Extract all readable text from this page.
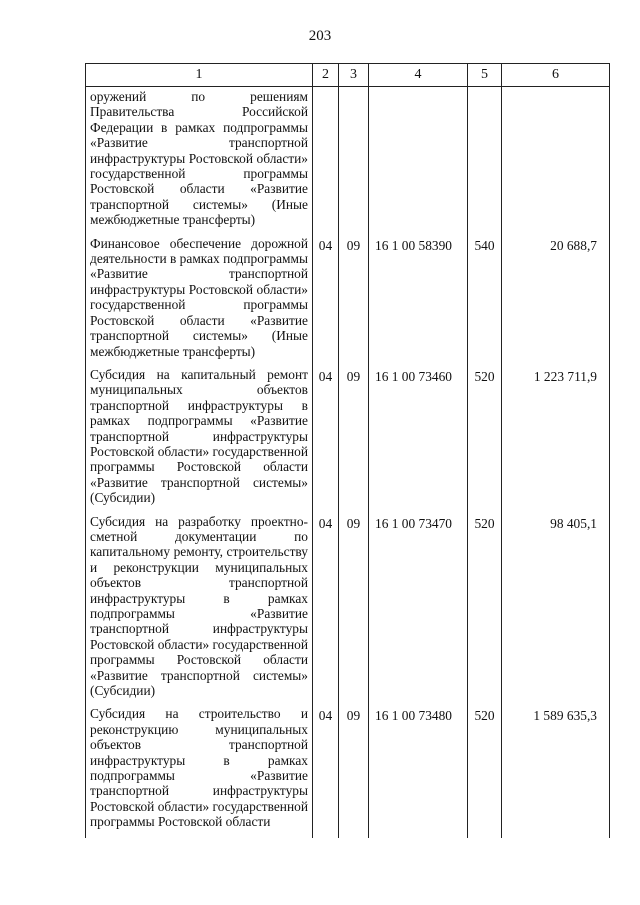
203
1	2	3	4	5	6
оружений по решениям Правительства Российской Федерации в рамках подпрограммы «Развитие транспортной инфраструктуры Ростовской области» государственной программы Ростовской области «Развитие транспортной системы» (Иные межбюджетные трансферты)					
Финансовое обеспечение дорожной деятельности в рамках подпрограммы «Развитие транспортной инфраструктуры Ростовской области» государственной программы Ростовской области «Развитие транспортной системы» (Иные межбюджетные трансферты)	04	09	16 1 00 58390	540	20 688,7
Субсидия на капитальный ремонт муниципальных объектов транспортной инфраструктуры в рамках подпрограммы «Развитие транспортной инфраструктуры Ростовской области» государственной программы Ростовской области «Развитие транспортной системы» (Субсидии)	04	09	16 1 00 73460	520	1 223 711,9
Субсидия на разработку проектно-сметной документации по капитальному ремонту, строительству и реконструкции муниципальных объектов транспортной инфраструктуры в рамках подпрограммы «Развитие транспортной инфраструктуры Ростовской области» государственной программы Ростовской области «Развитие транспортной системы» (Субсидии)	04	09	16 1 00 73470	520	98 405,1
Субсидия на строительство и реконструкцию муниципальных объектов транспортной инфраструктуры в рамках подпрограммы «Развитие транспортной инфраструктуры Ростовской области» государственной программы Ростовской области	04	09	16 1 00 73480	520	1 589 635,3
